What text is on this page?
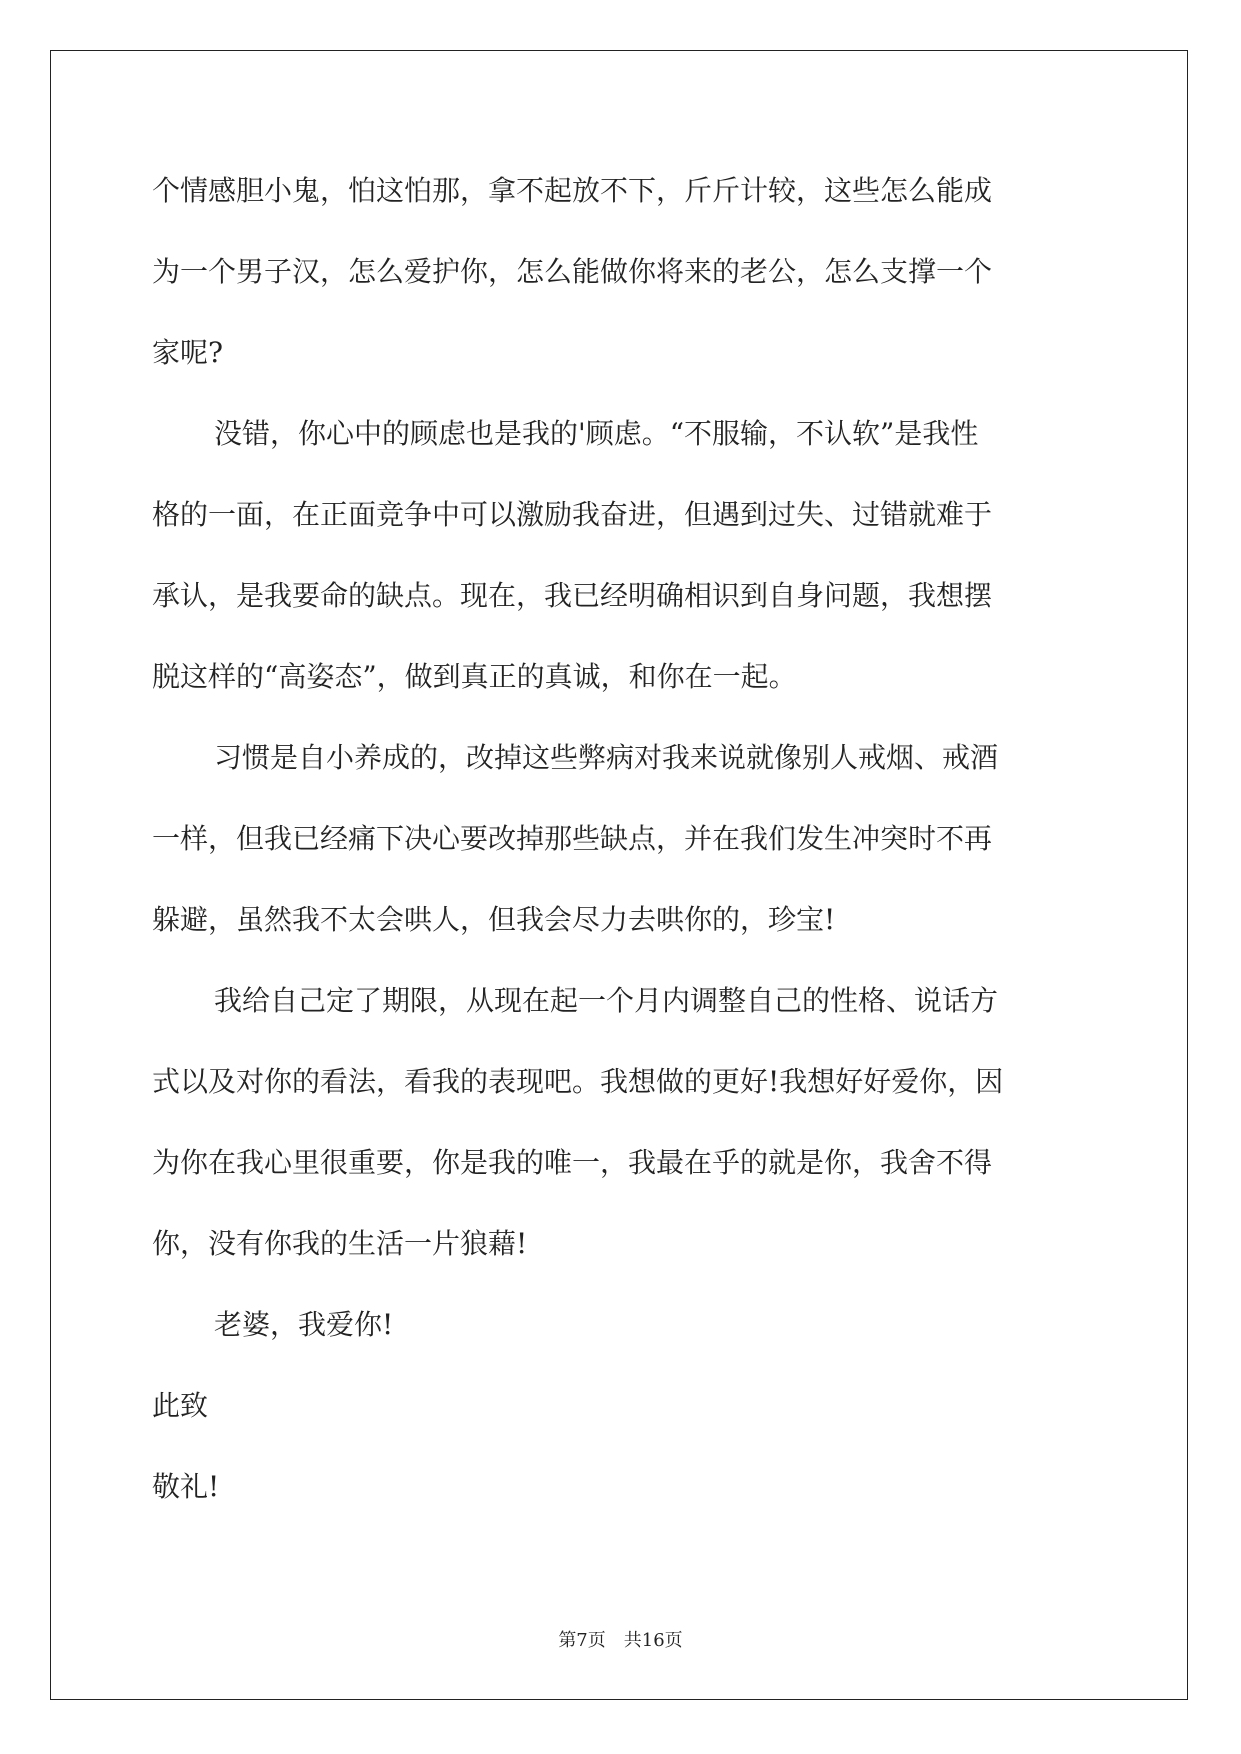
个情感胆小鬼，怕这怕那，拿不起放不下，斤斤计较，这些怎么能成
为一个男子汉，怎么爱护你，怎么能做你将来的老公，怎么支撑一个
家呢?
没错，你心中的顾虑也是我的'顾虑。“不服输，不认软”是我性
格的一面，在正面竞争中可以激励我奋进，但遇到过失、过错就难于
承认，是我要命的缺点。现在，我已经明确相识到自身问题，我想摆
脱这样的“高姿态”，做到真正的真诚，和你在一起。
习惯是自小养成的，改掉这些弊病对我来说就像别人戒烟、戒酒
一样，但我已经痛下决心要改掉那些缺点，并在我们发生冲突时不再
躲避，虽然我不太会哄人，但我会尽力去哄你的，珍宝!
我给自己定了期限，从现在起一个月内调整自己的性格、说话方
式以及对你的看法，看我的表现吧。我想做的更好!我想好好爱你，因
为你在我心里很重要，你是我的唯一，我最在乎的就是你，我舍不得
你，没有你我的生活一片狼藉!
老婆，我爱你!
此致
敬礼!
第7页　共16页
